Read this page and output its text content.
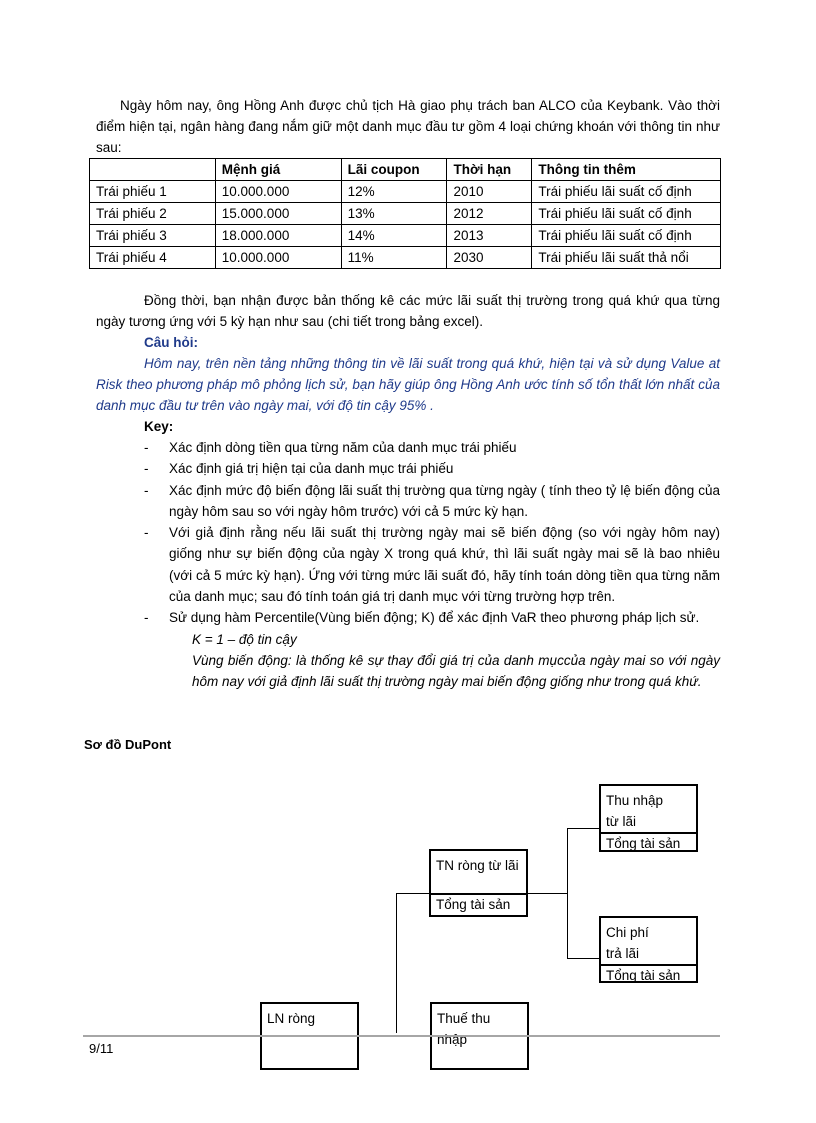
Ngày hôm nay, ông Hồng Anh được chủ tịch Hà giao phụ trách ban ALCO của Keybank. Vào thời điểm hiện tại, ngân hàng đang nắm giữ một danh mục đầu tư gồm 4 loại chứng khoán với thông tin như sau:

	Mệnh giá	Lãi coupon	Thời hạn	Thông tin thêm
Trái phiếu 1	10.000.000	12%	2010	Trái phiếu lãi suất cố định
Trái phiếu 2	15.000.000	13%	2012	Trái phiếu lãi suất cố định
Trái phiếu 3	18.000.000	14%	2013	Trái phiếu lãi suất cố định
Trái phiếu 4	10.000.000	11%	2030	Trái phiếu lãi suất thả nổi

Đồng thời, bạn nhận được bản thống kê các mức lãi suất thị trường trong quá khứ qua từng ngày tương ứng với 5 kỳ hạn như sau (chi tiết trong bảng excel).

Câu hỏi:

Hôm nay, trên nền tảng những thông tin về lãi suất trong quá khứ, hiện tại và sử dụng Value at Risk theo phương pháp mô phỏng lịch sử, bạn hãy giúp ông Hồng Anh ước tính số tổn thất lớn nhất của danh mục đầu tư trên vào ngày mai, với độ tin cậy 95% .

Key:

- Xác định dòng tiền qua từng năm của danh mục trái phiếu
- Xác định giá trị hiện tại của danh mục trái phiếu
- Xác định mức độ biến động lãi suất thị trường qua từng ngày ( tính theo tỷ lệ biến động của ngày hôm sau so với ngày hôm trước) với cả 5 mức kỳ hạn.
- Với giả định rằng nếu lãi suất thị trường ngày mai sẽ biến động (so với ngày hôm nay) giống như sự biến động của ngày X trong quá khứ, thì lãi suất ngày mai sẽ là bao nhiêu (với cả 5 mức kỳ hạn). Ứng với từng mức lãi suất đó, hãy tính toán dòng tiền qua từng năm của danh mục; sau đó tính toán giá trị danh mục với từng trường hợp trên.
- Sử dụng hàm Percentile(Vùng biến động; K) để xác định VaR theo phương pháp lịch sử.

K = 1 – độ tin cậy

Vùng biến động: là thống kê sự thay đổi giá trị của danh mụccủa ngày mai so với ngày hôm nay với giả định lãi suất thị trường ngày mai biến động giống như trong quá khứ.

Sơ đồ DuPont

Thu nhập
từ lãi
Tổng tài sản
TN ròng từ lãi
Tổng tài sản
Chi phí
trả lãi
Tổng tài sản
LN ròng	Thuế thu nhập

9/11
